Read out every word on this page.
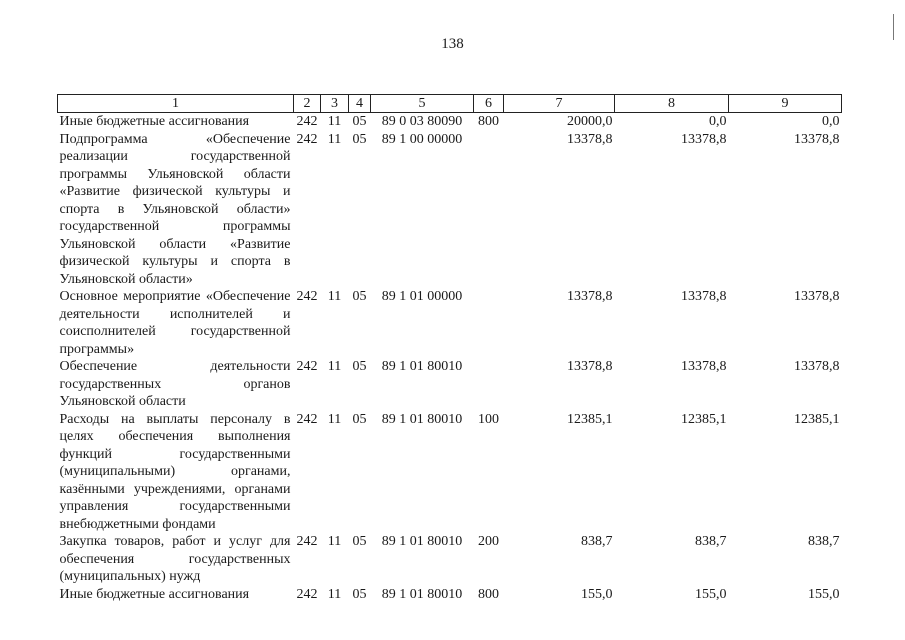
138
1	2	3	4	5	6	7	8	9
Иные бюджетные ассигнования	242	11	05	89 0 03 80090	800	20000,0	0,0	0,0
Подпрограмма «Обеспечение реализации государственной программы Ульяновской области «Развитие физической культуры и спорта в Ульяновской области» государственной программы Ульяновской области «Развитие физической культуры и спорта в Ульяновской области»	242	11	05	89 1 00 00000		13378,8	13378,8	13378,8
Основное мероприятие «Обеспечение деятельности исполнителей и соисполнителей государственной программы»	242	11	05	89 1 01 00000		13378,8	13378,8	13378,8
Обеспечение деятельности государственных органов Ульяновской области	242	11	05	89 1 01 80010		13378,8	13378,8	13378,8
Расходы на выплаты персоналу в целях обеспечения выполнения функций государственными (муниципальными) органами, казёнными учреждениями, органами управления государственными внебюджетными фондами	242	11	05	89 1 01 80010	100	12385,1	12385,1	12385,1
Закупка товаров, работ и услуг для обеспечения государственных (муниципальных) нужд	242	11	05	89 1 01 80010	200	838,7	838,7	838,7
Иные бюджетные ассигнования	242	11	05	89 1 01 80010	800	155,0	155,0	155,0
